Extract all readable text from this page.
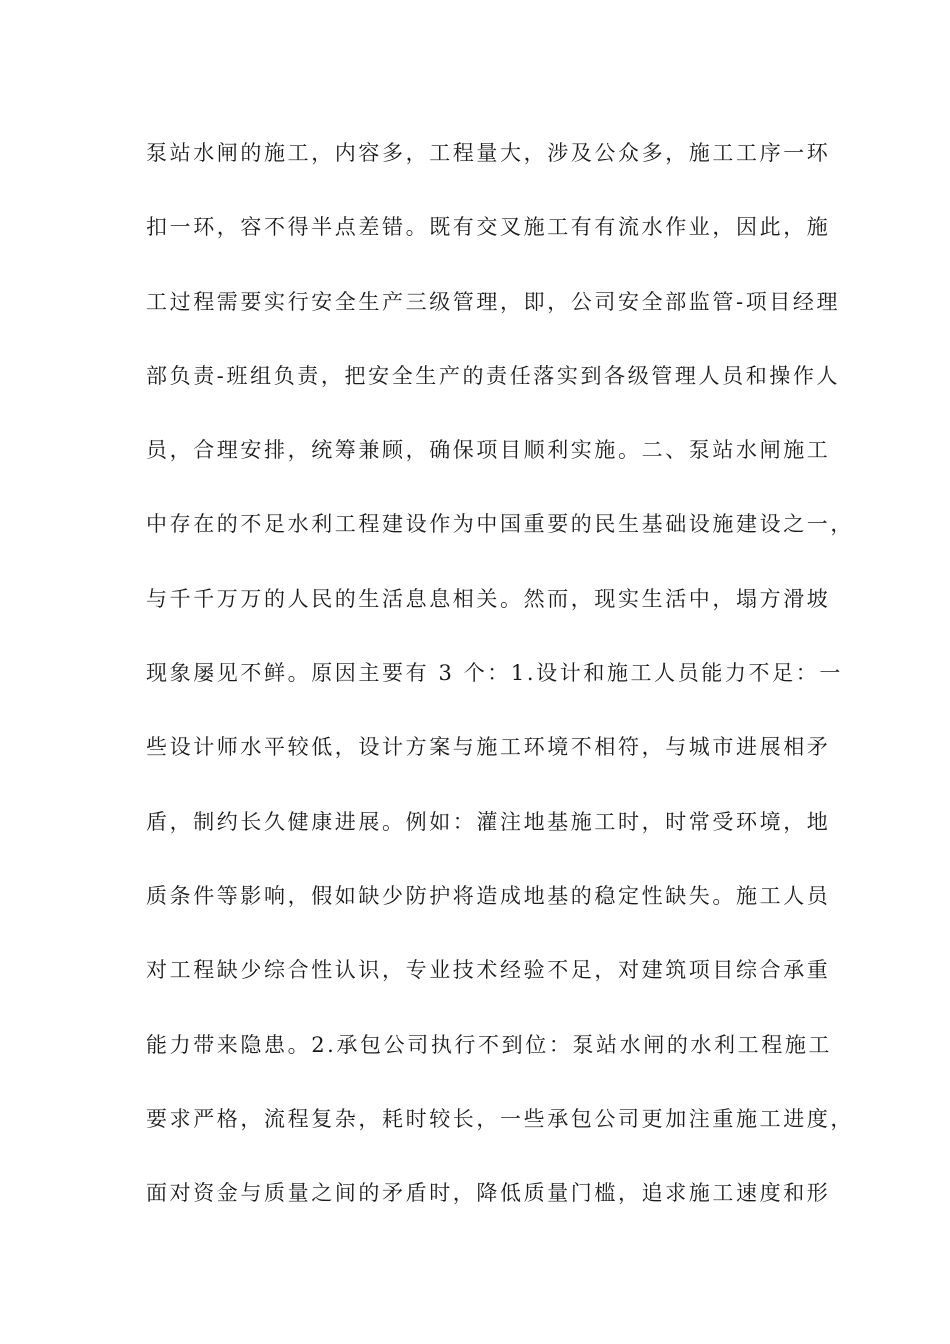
泵站水闸的施工，内容多，工程量大，涉及公众多，施工工序一环
扣一环，容不得半点差错。既有交叉施工有有流水作业，因此，施
工过程需要实行安全生产三级管理，即，公司安全部监管-项目经理
部负责-班组负责，把安全生产的责任落实到各级管理人员和操作人
员，合理安排，统筹兼顾，确保项目顺利实施。二、泵站水闸施工
中存在的不足水利工程建设作为中国重要的民生基础设施建设之一，
与千千万万的人民的生活息息相关。然而，现实生活中，塌方滑坡
现象屡见不鲜。原因主要有 3 个：1.设计和施工人员能力不足：一
些设计师水平较低，设计方案与施工环境不相符，与城市进展相矛
盾，制约长久健康进展。例如：灌注地基施工时，时常受环境，地
质条件等影响，假如缺少防护将造成地基的稳定性缺失。施工人员
对工程缺少综合性认识，专业技术经验不足，对建筑项目综合承重
能力带来隐患。2.承包公司执行不到位：泵站水闸的水利工程施工
要求严格，流程复杂，耗时较长，一些承包公司更加注重施工进度，
面对资金与质量之间的矛盾时，降低质量门槛，追求施工速度和形
